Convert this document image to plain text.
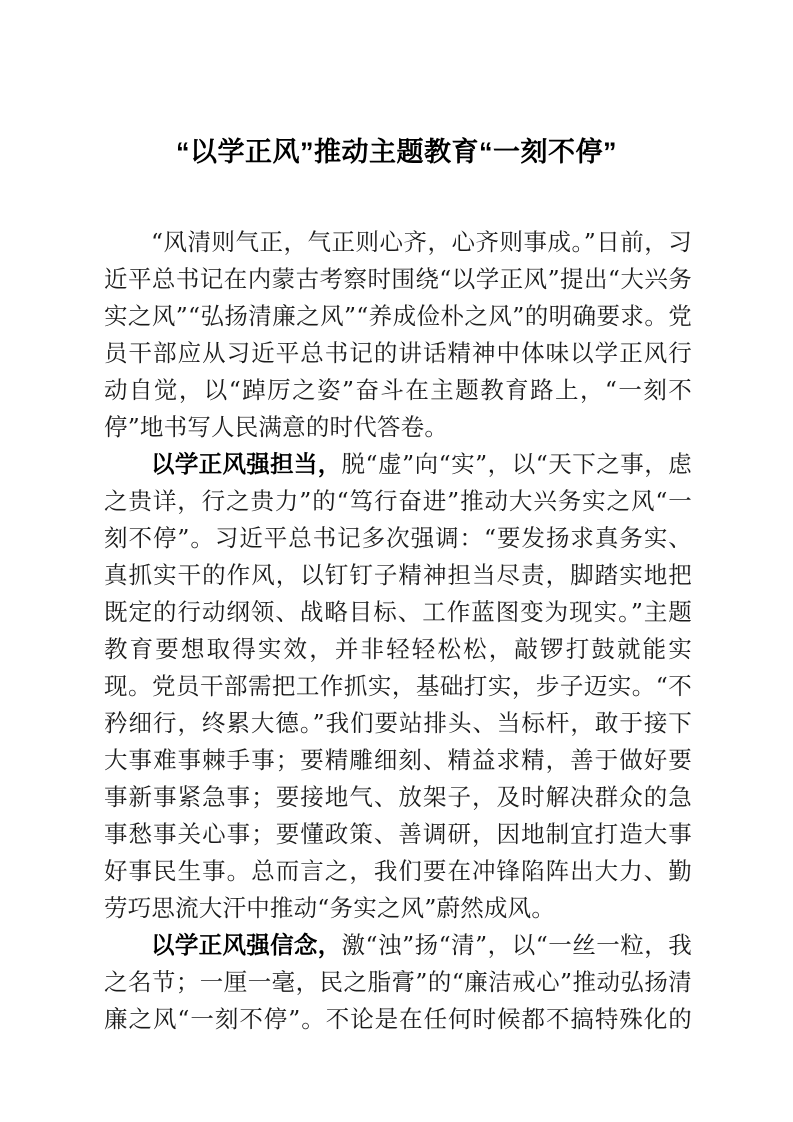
“以学正风”推动主题教育“一刻不停”

“风清则气正，气正则心齐，心齐则事成。”日前，习近平总书记在内蒙古考察时围绕“以学正风”提出“大兴务实之风”“弘扬清廉之风”“养成俭朴之风”的明确要求。党员干部应从习近平总书记的讲话精神中体味以学正风行动自觉，以“踔厉之姿”奋斗在主题教育路上，“一刻不停”地书写人民满意的时代答卷。

以学正风强担当，脱“虚”向“实”，以“天下之事，虑之贵详，行之贵力”的“笃行奋进”推动大兴务实之风“一刻不停”。习近平总书记多次强调：“要发扬求真务实、真抓实干的作风，以钉钉子精神担当尽责，脚踏实地把既定的行动纲领、战略目标、工作蓝图变为现实。”主题教育要想取得实效，并非轻轻松松，敲锣打鼓就能实现。党员干部需把工作抓实，基础打实，步子迈实。“不矜细行，终累大德。”我们要站排头、当标杆，敢于接下大事难事棘手事；要精雕细刻、精益求精，善于做好要事新事紧急事；要接地气、放架子，及时解决群众的急事愁事关心事；要懂政策、善调研，因地制宜打造大事好事民生事。总而言之，我们要在冲锋陷阵出大力、勤劳巧思流大汗中推动“务实之风”蔚然成风。

以学正风强信念，激“浊”扬“清”，以“一丝一粒，我之名节；一厘一毫，民之脂膏”的“廉洁戒心”推动弘扬清廉之风“一刻不停”。不论是在任何时候都不搞特殊化的
